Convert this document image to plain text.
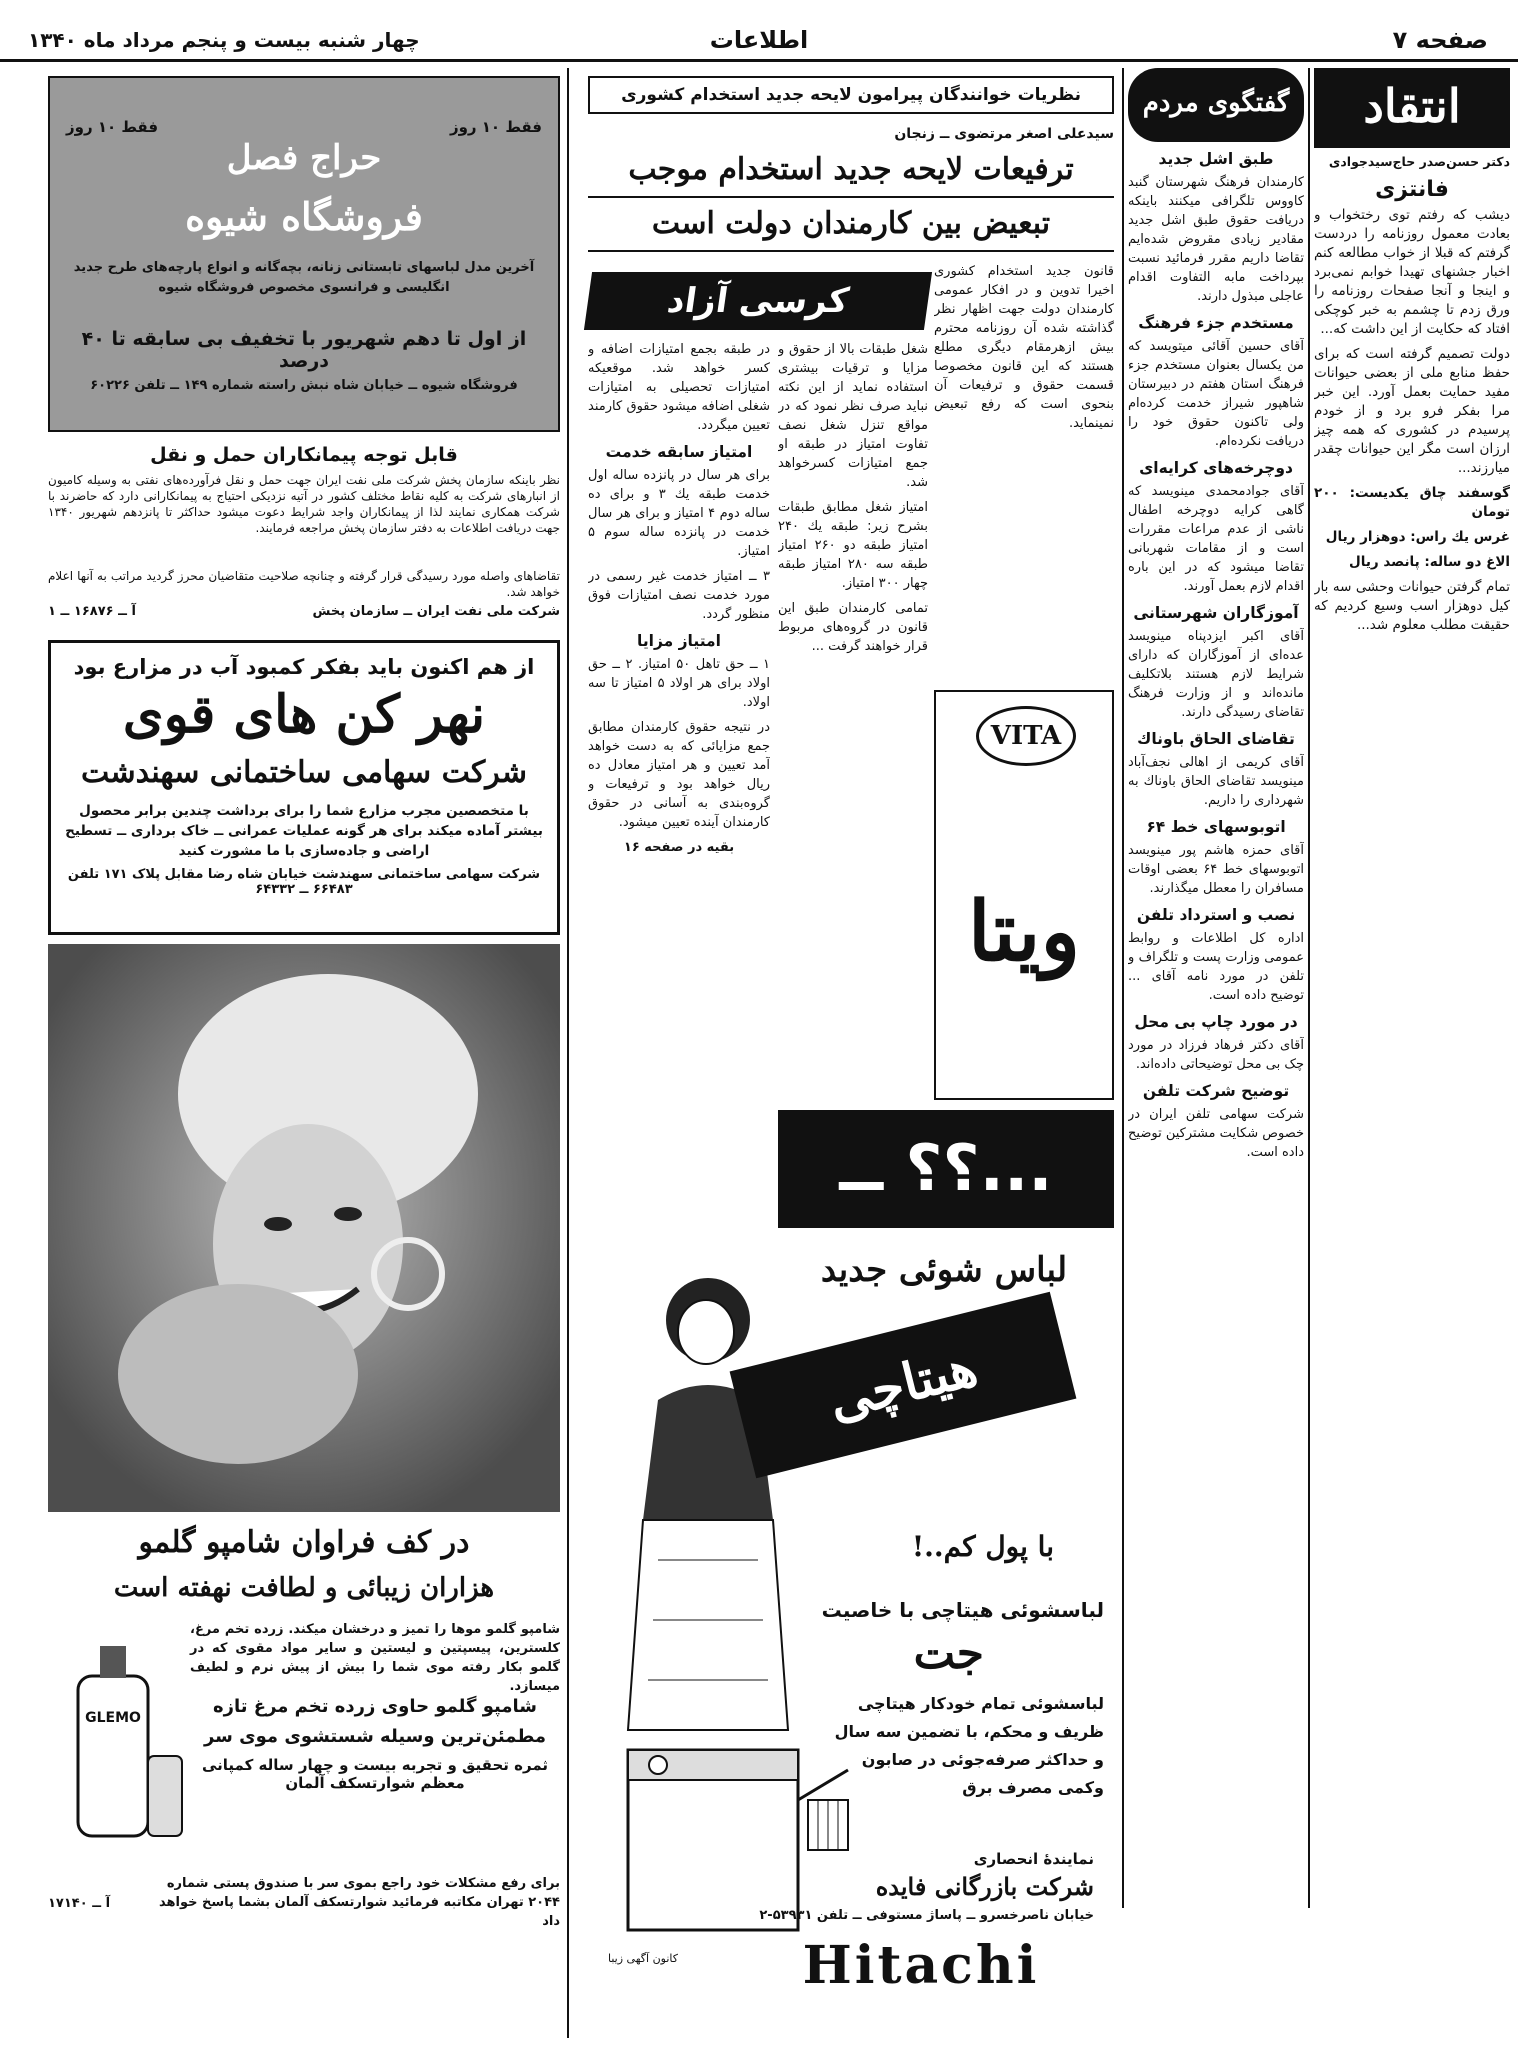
صفحه ۷
اطلاعات
چهار شنبه بیست و پنجم مرداد ماه ۱۳۴۰
انتقاد
دکتر حسن‌صدر حاج‌سیدجوادی
فانتزی

دیشب که رفتم توی رختخواب و بعادت معمول روزنامه را دردست گرفتم که قبلا از خواب مطالعه کنم اخبار جشنهای تهیدا خوابم نمی‌برد و اینجا و آنجا صفحات روزنامه را ورق زدم تا چشمم به خبر کوچکی افتاد که حکایت از این داشت که...

دولت تصمیم گرفته است که برای حفظ منابع ملی از بعضی حیوانات مفید حمایت بعمل آورد. این خبر مرا بفکر فرو برد و از خودم پرسیدم در کشوری که همه چیز ارزان است مگر این حیوانات چقدر میارزند...

گوسفند چاق یکدیست: ۲۰۰ تومان

غرس یك راس: دوهزار ریال

الاغ دو ساله: پانصد ریال

تمام گرفتن حیوانات وحشی سه بار کیل دوهزار اسب وسیع کردیم که حقیقت مطلب معلوم شد...

گفتگوی مردم
طبق اشل جدید

کارمندان فرهنگ شهرستان گنبد کاووس تلگرافی میکنند باینکه دریافت حقوق طبق اشل جدید مقادیر زیادی مقروض شده‌ایم تقاضا داریم مقرر فرمائید نسبت بپرداخت مابه التفاوت اقدام عاجلی مبذول دارند.

مستخدم جزء فرهنگ

آقای حسین آقائی میتویسد که من یکسال بعنوان مستخدم جزء فرهنگ استان هفتم در دبیرستان شاهپور شیراز خدمت کرده‌ام ولی تاکنون حقوق خود را دریافت نکرده‌ام.

دوچرخه‌های کرایه‌ای

آقای جوادمحمدی مینویسد که گاهی کرایه دوچرخه اطفال ناشی از عدم مراعات مقررات است و از مقامات شهربانی تقاضا میشود که در این باره اقدام لازم بعمل آورند.

آموزگاران شهرستانی

آقای اکبر ایزدپناه مینویسد عده‌ای از آموزگاران که دارای شرایط لازم هستند بلاتکلیف مانده‌اند و از وزارت فرهنگ تقاضای رسیدگی دارند.

تقاضای الحاق باوناك

آقای کریمی از اهالی نجف‌آباد مینویسد تقاضای الحاق باوناك به شهرداری را داریم.

اتوبوسهای خط ۶۴

آقای حمزه هاشم پور مینویسد اتوبوسهای خط ۶۴ بعضی اوقات مسافران را معطل میگذارند.

نصب و استرداد تلفن

اداره کل اطلاعات و روابط عمومی وزارت پست و تلگراف و تلفن در مورد نامه آقای ... توضیح داده است.

در مورد چاپ بی محل

آقای دکتر فرهاد فرزاد در مورد چک بی محل توضیحاتی داده‌اند.

توضیح شرکت تلفن

شرکت سهامی تلفن ایران در خصوص شکایت مشترکین توضیح داده است.

نظریات خوانندگان پیرامون لایحه جدید استخدام کشوری
سیدعلی اصغر مرتضوی ــ زنجان
ترفیعات لایحه جدید استخدام موجب
تبعیض بین کارمندان دولت است
کرسی آزاد

قانون جدید استخدام کشوری اخیرا تدوین و در افکار عمومی کارمندان دولت جهت اظهار نظر گذاشته شده آن روزنامه محترم بیش ازهرمقام دیگری مطلع هستند که این قانون مخصوصا قسمت حقوق و ترفیعات آن بنحوی است که رفع تبعیض نمینماید.

شغل طبقات بالا از حقوق و مزایا و ترقیات بیشتری استفاده نماید از این نکته نباید صرف نظر نمود که در مواقع تنزل شغل نصف تفاوت امتیاز در طبقه او جمع امتیازات کسرخواهد شد.

امتیاز شغل مطابق طبقات بشرح زیر: طبقه یك ۲۴۰ امتیاز طبقه دو ۲۶۰ امتیاز طبقه سه ۲۸۰ امتیاز طبقه چهار ۳۰۰ امتیاز.

تمامی کارمندان طبق این قانون در گروه‌های مربوط قرار خواهند گرفت ...

در طبقه بجمع امتیازات اضافه و کسر خواهد شد. موقعیکه امتیازات تحصیلی به امتیازات شغلی اضافه میشود حقوق کارمند تعیین میگردد.

امتیاز سابقه خدمت

برای هر سال در پانزده ساله اول خدمت طبقه یك ۳ و برای ده ساله دوم ۴ امتیاز و برای هر سال خدمت در پانزده ساله سوم ۵ امتیاز.

۳ ــ امتیاز خدمت غیر رسمی در مورد خدمت نصف امتیازات فوق منظور گردد.

امتیاز مزایا

۱ ــ حق تاهل ۵۰ امتیاز. ۲ ــ حق اولاد برای هر اولاد ۵ امتیاز تا سه اولاد.

در نتیجه حقوق کارمندان مطابق جمع مزایائی که به دست خواهد آمد تعیین و هر امتیاز معادل ده ریال خواهد بود و ترفیعات و گروه‌بندی به آسانی در حقوق کارمندان آینده تعیین میشود.

بقیه در صفحه ۱۶
VITA
ویتا
...؟؟ ــ
لباس شوئی جدید
هیتاچی
با پول کم..!
لباسشوئی هیتاچی با خاصیت
جت
لباسشوئی تمام خودکار هیتاچی
ظریف و محکم، با تضمین سه سال
و حداکثر صرفه‌جوئی در صابون
وکمی مصرف برق
نمایندۀ انحصاری
شرکت بازرگانی فایده
خیابان ناصرخسرو ــ پاساژ مستوفی ــ تلفن ۵۳۹۳۱-۲
کانون آگهی زیبا	Hitachi
فقط ۱۰ روز
فقط ۱۰ روز
حراج فصل
فروشگاه شیوه
آخرین مدل لباسهای تابستانی زنانه، بچه‌گانه و انواع پارچه‌های طرح جدید انگلیسی و فرانسوی مخصوص فروشگاه شیوه
از اول تا دهم شهریور با تخفیف بی سابقه تا ۴۰ درصد
فروشگاه شیوه ــ خیابان شاه نبش راسته شماره ۱۴۹ ــ تلفن ۶۰۲۲۶
قابل توجه پیمانکاران حمل و نقل

نظر باینکه سازمان پخش شرکت ملی نفت ایران جهت حمل و نقل فرآورده‌های نفتی به وسیله کامیون از انبارهای شرکت به کلیه نقاط مختلف کشور در آتیه نزدیکی احتیاج به پیمانکارانی دارد که حاضرند با شرکت همکاری نمایند لذا از پیمانکاران واجد شرایط دعوت میشود حداکثر تا پانزدهم شهریور ۱۳۴۰ جهت دریافت اطلاعات به دفتر سازمان پخش مراجعه فرمایند.

تقاضاهای واصله مورد رسیدگی قرار گرفته و چنانچه صلاحیت متقاضیان محرز گردید مراتب به آنها اعلام خواهد شد.
شرکت ملی نفت ایران ــ سازمان پخش
آ ــ ۱۶۸۷۶ ــ ۱
از هم اکنون باید بفکر کمبود آب در مزارع بود
نهر کن های قوی
شرکت سهامی ساختمانی سهندشت
با متخصصین مجرب مزارع شما را برای برداشت چندین برابر محصول بیشتر آماده میکند برای هر گونه عملیات عمرانی ــ خاک برداری ــ تسطیح اراضی و جاده‌سازی با ما مشورت کنید
شرکت سهامی ساختمانی سهندشت خیابان شاه رضا مقابل پلاک ۱۷۱ تلفن ۶۶۴۸۳ ــ ۶۴۳۳۲
در کف فراوان شامپو گلمو
هزاران زیبائی و لطافت نهفته است
شامپو گلمو موها را تمیز و درخشان میکند. زرده تخم مرغ، کلسترین، پیسپتین و لیستین و سایر مواد مقوی که در گلمو بکار رفته موی شما را بیش از پیش نرم و لطیف میسازد.
شامپو گلمو حاوی زرده تخم مرغ تازه
مطمئن‌ترین وسیله شستشوی موی سر
ثمره تحقیق و تجربه بیست و چهار ساله کمپانی معظم شوارتسکف آلمان
GLEMO
برای رفع مشکلات خود راجع بموی سر با صندوق پستی شماره ۲۰۴۴ تهران مکاتبه فرمائید شوارتسکف آلمان بشما پاسخ خواهد داد
آ ــ ۱۷۱۴۰
